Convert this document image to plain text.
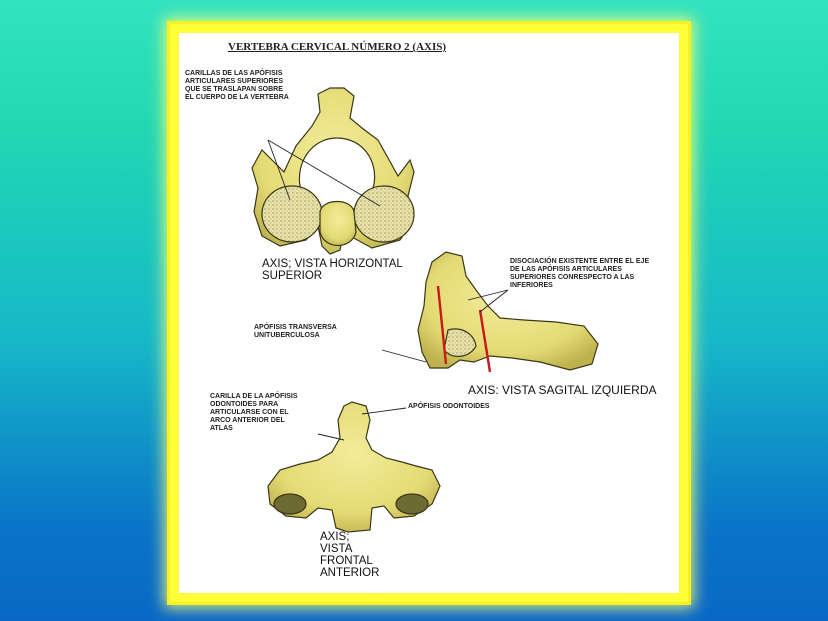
VERTEBRA CERVICAL NÚMERO 2 (AXIS)
CARILLAS DE LAS APÓFISIS
ARTICULARES SUPERIORES
QUE SE TRASLAPAN SOBRE
EL CUERPO DE LA VERTEBRA
AXIS; VISTA HORIZONTAL
SUPERIOR
DISOCIACIÓN EXISTENTE ENTRE EL EJE
DE LAS APÓFISIS ARTICULARES
SUPERIORES CONRESPECTO A LAS
INFERIORES
APÓFISIS TRANSVERSA
UNITUBERCULOSA
AXIS: VISTA SAGITAL IZQUIERDA
CARILLA DE LA APÓFISIS
ODONTOIDES PARA
ARTICULARSE CON EL
ARCO ANTERIOR DEL
ATLAS
APÓFISIS ODONTOIDES
AXIS;
VISTA
FRONTAL
ANTERIOR
